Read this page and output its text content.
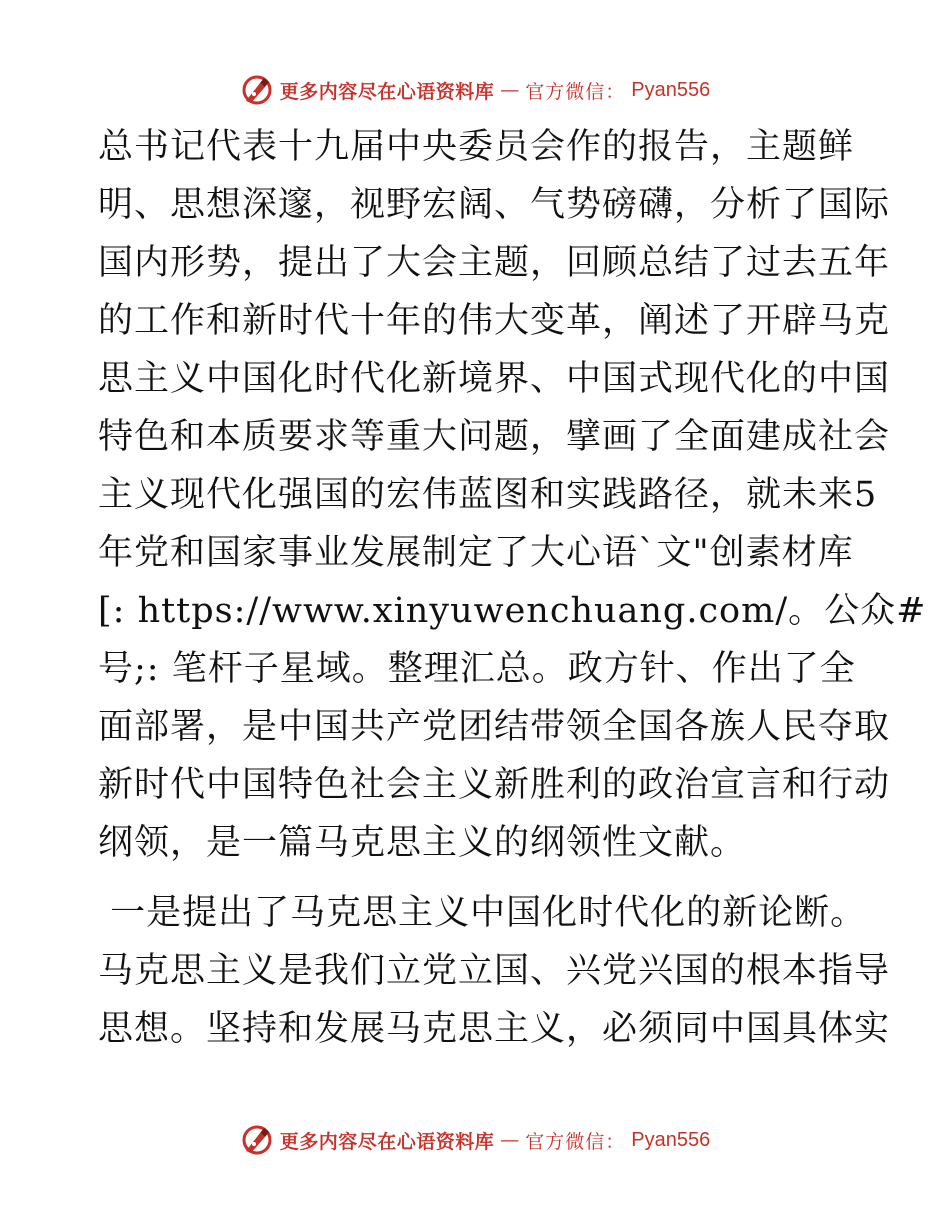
更多内容尽在心语资料库 — 官方微信： Pyan556
总书记代表十九届中央委员会作的报告，主题鲜
明、思想深邃，视野宏阔、气势磅礴，分析了国际
国内形势，提出了大会主题，回顾总结了过去五年
的工作和新时代十年的伟大变革，阐述了开辟马克
思主义中国化时代化新境界、中国式现代化的中国
特色和本质要求等重大问题，擘画了全面建成社会
主义现代化强国的宏伟蓝图和实践路径，就未来5
年党和国家事业发展制定了大心语`文"创素材库
[: https://www.xinyuwenchuang.com/。公众#
号;: 笔杆子星域。整理汇总。政方针、作出了全
面部署，是中国共产党团结带领全国各族人民夺取
新时代中国特色社会主义新胜利的政治宣言和行动
纲领，是一篇马克思主义的纲领性文献。
一是提出了马克思主义中国化时代化的新论断。
马克思主义是我们立党立国、兴党兴国的根本指导
思想。坚持和发展马克思主义，必须同中国具体实
更多内容尽在心语资料库 — 官方微信： Pyan556
